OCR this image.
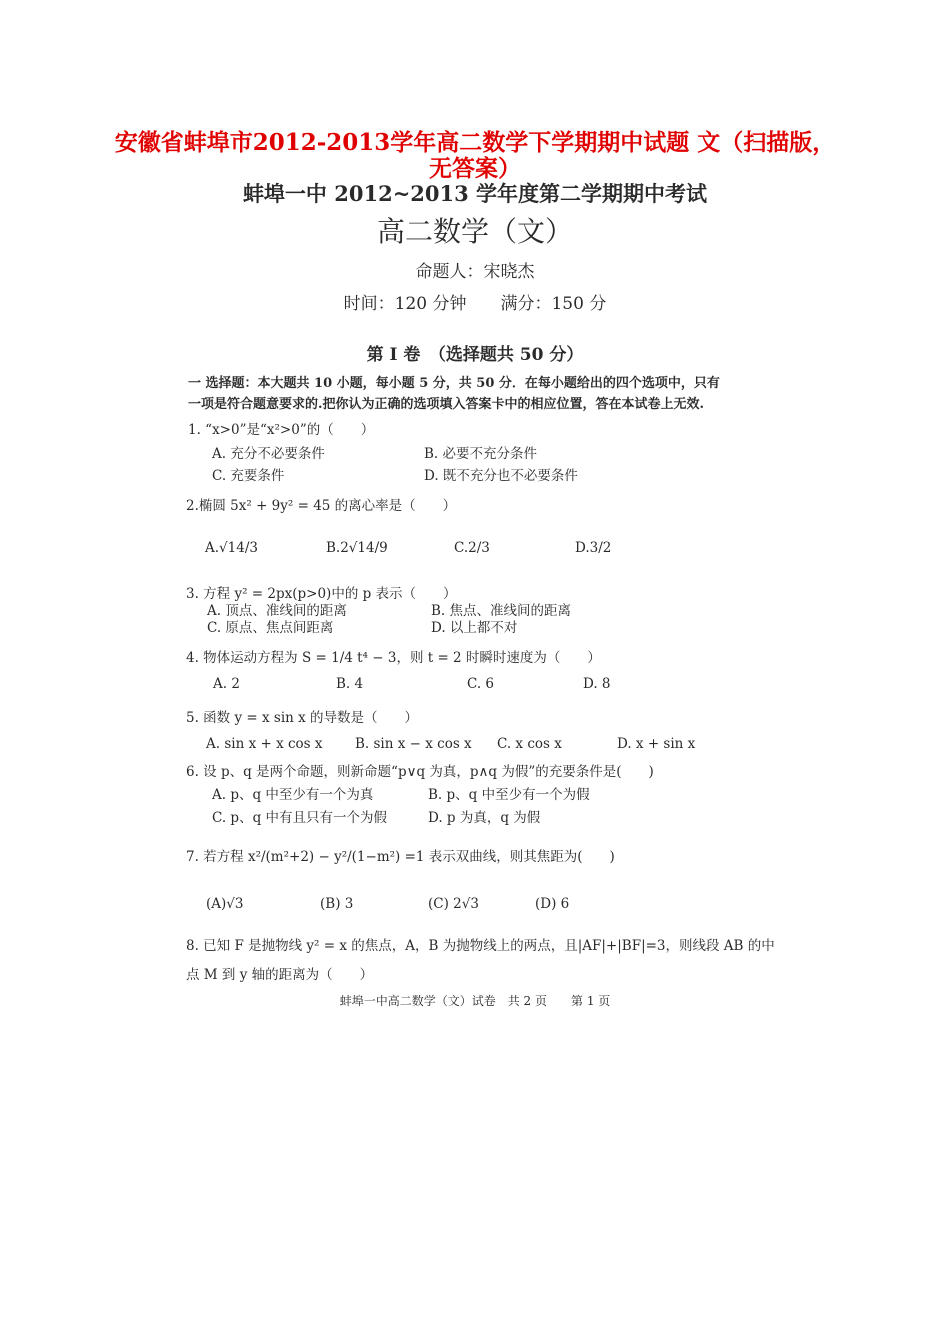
安徽省蚌埠市2012-2013学年高二数学下学期期中试题 文（扫描版，
无答案）
蚌埠一中 2012~2013 学年度第二学期期中考试
高二数学（文）
命题人：宋晓杰
时间：120 分钟　　满分：150 分
第 I 卷　（选择题共 50 分）
一 选择题：本大题共 10 小题，每小题 5 分，共 50 分．在每小题给出的四个选项中，只有
一项是符合题意要求的.把你认为正确的选项填入答案卡中的相应位置，答在本试卷上无效.
1. “x>0”是“x²>0”的（　　）
A. 充分不必要条件	B. 必要不充分条件
C. 充要条件	D. 既不充分也不必要条件
2.椭圆 5x² + 9y² = 45 的离心率是（　　）
A.√14/3	B.2√14/9	C.2/3	D.3/2
3. 方程 y² = 2px(p>0)中的 p 表示（　　）
A. 顶点、准线间的距离	B. 焦点、准线间的距离
C. 原点、焦点间距离	D. 以上都不对
4. 物体运动方程为 S = 1/4 t⁴ − 3，则 t = 2 时瞬时速度为（　　）
A. 2	B. 4	C. 6	D. 8
5. 函数 y = x sin x 的导数是（　　）
A. sin x + x cos x B. sin x − x cos x C. x cos x	D. x + sin x
6. 设 p、q 是两个命题，则新命题“p∨q 为真，p∧q 为假”的充要条件是(　　)
A. p、q 中至少有一个为真	B. p、q 中至少有一个为假
C. p、q 中有且只有一个为假	D. p 为真，q 为假
7. 若方程 x²/(m²+2) − y²/(1−m²) =1 表示双曲线，则其焦距为(　　)
(A)√3	(B) 3	(C) 2√3	(D) 6
8. 已知 F 是抛物线 y² = x 的焦点，A，B 为抛物线上的两点，且|AF|+|BF|=3，则线段 AB 的中
点 M 到 y 轴的距离为（　　）
蚌埠一中高二数学（文）试卷　共 2 页　　第 1 页
